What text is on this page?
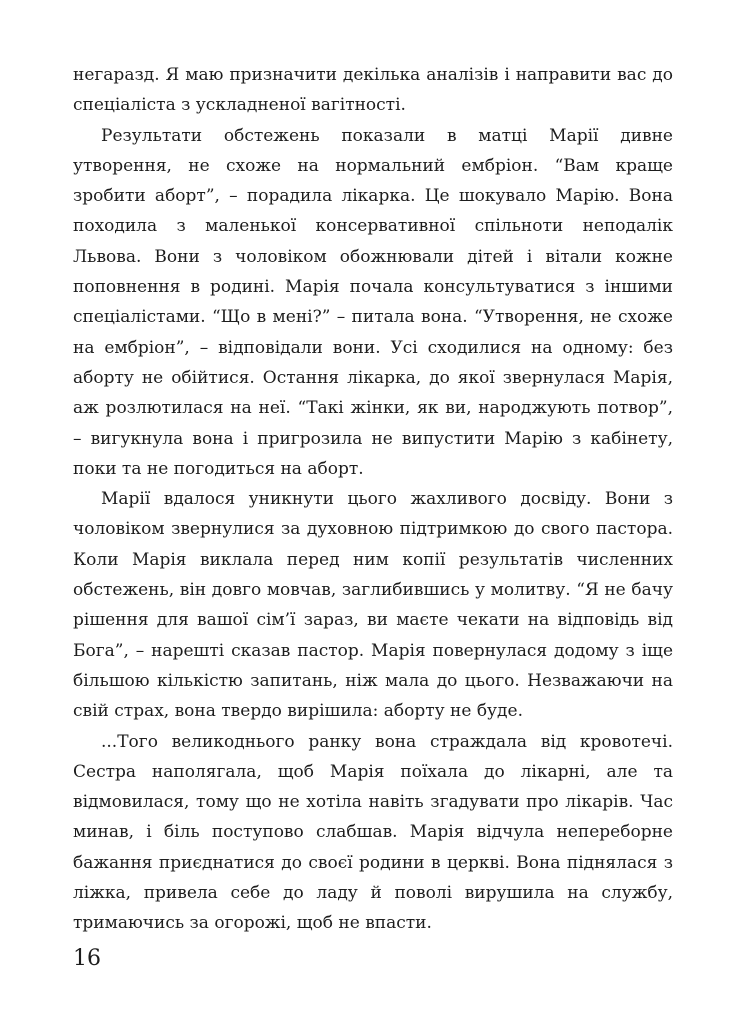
негаразд. Я маю призначити декілька аналізів і направити вас до спеціаліста з ускладненої вагітності.

Результати обстежень показали в матці Марії дивне утворення, не схоже на нормальний ембріон. “Вам краще зробити аборт”, – порадила лікарка. Це шокувало Марію. Вона походила з маленької консервативної спільноти неподалік Львова. Вони з чоловіком обожнювали дітей і вітали кожне поповнення в родині. Марія почала консультуватися з іншими спеціалістами. “Що в мені?” – питала вона. “Утворення, не схоже на ембріон”, – відповідали вони. Усі сходилися на одному: без аборту не обійтися. Остання лікарка, до якої звернулася Марія, аж розлютилася на неї. “Такі жінки, як ви, народжують потвор”, – вигукнула вона і пригрозила не випустити Марію з кабінету, поки та не погодиться на аборт.

Марії вдалося уникнути цього жахливого досвіду. Вони з чоловіком звернулися за духовною підтримкою до свого пастора. Коли Марія виклала перед ним копії результатів численних обстежень, він довго мовчав, заглибившись у молитву. “Я не бачу рішення для вашої сім’ї зараз, ви маєте чекати на відповідь від Бога”, – нарешті сказав пастор. Марія повернулася додому з іще більшою кількістю запитань, ніж мала до цього. Незважаючи на свій страх, вона твердо вирішила: аборту не буде.

...Того великоднього ранку вона страждала від кровотечі. Сестра наполягала, щоб Марія поїхала до лікарні, але та відмовилася, тому що не хотіла навіть згадувати про лікарів. Час минав, і біль поступово слабшав. Марія відчула непереборне бажання приєднатися до своєї родини в церкві. Вона піднялася з ліжка, привела себе до ладу й поволі вирушила на службу, тримаючись за огорожі, щоб не впасти.

16
